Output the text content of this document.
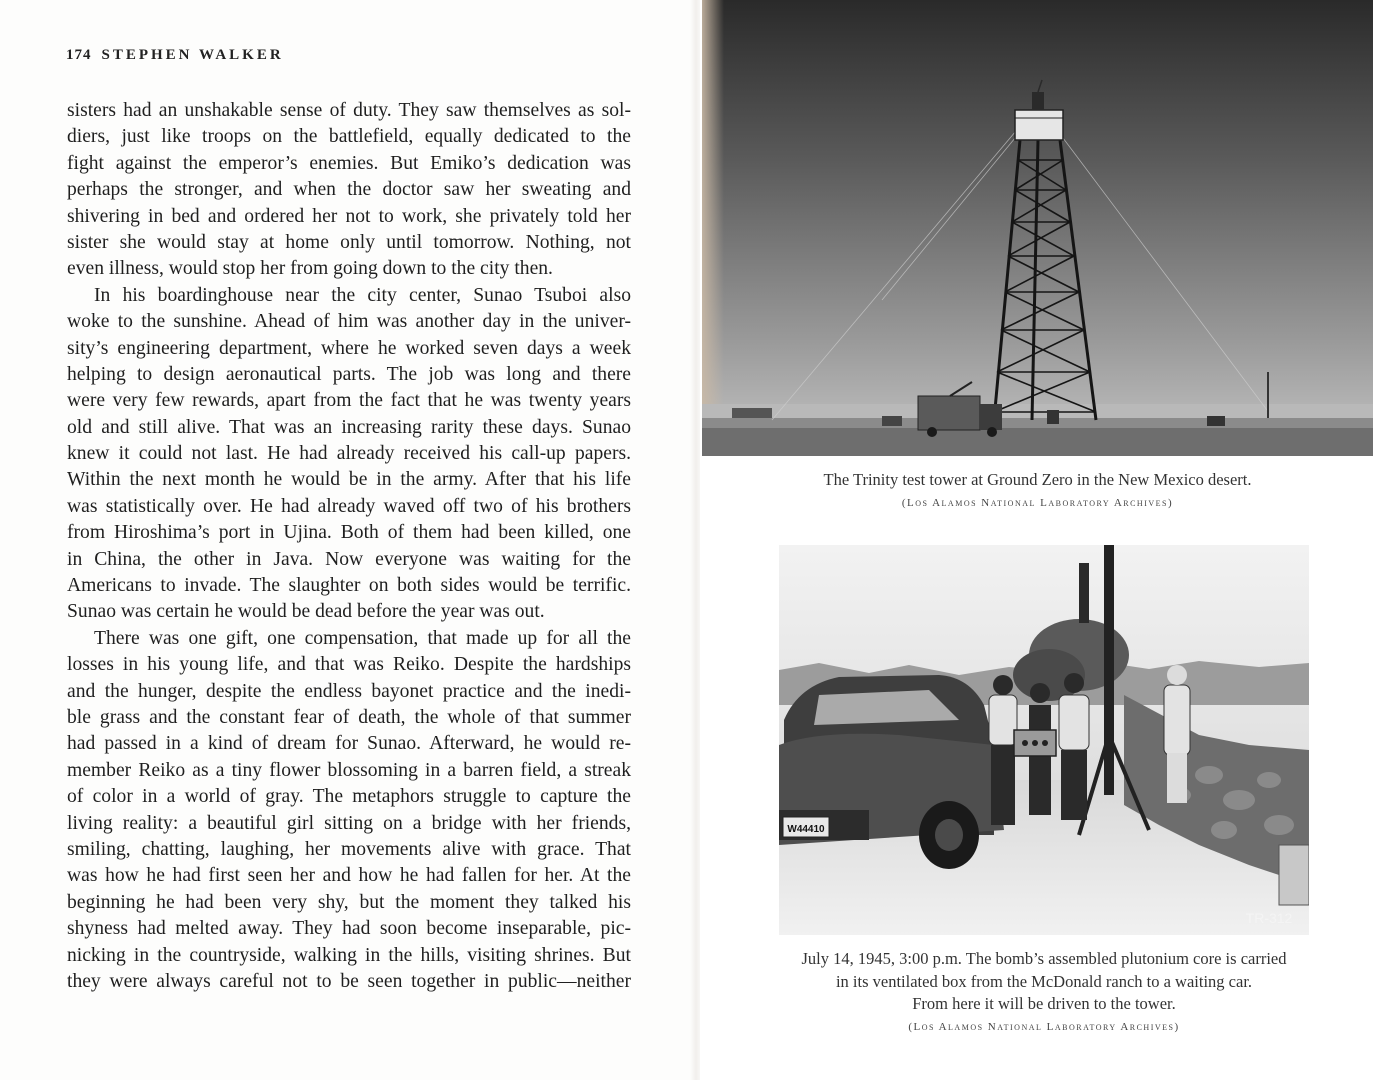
174 STEPHEN WALKER
sisters had an unshakable sense of duty. They saw themselves as sol-
diers, just like troops on the battlefield, equally dedicated to the
fight against the emperor’s enemies. But Emiko’s dedication was
perhaps the stronger, and when the doctor saw her sweating and
shivering in bed and ordered her not to work, she privately told her
sister she would stay at home only until tomorrow. Nothing, not
even illness, would stop her from going down to the city then.
In his boardinghouse near the city center, Sunao Tsuboi also
woke to the sunshine. Ahead of him was another day in the univer-
sity’s engineering department, where he worked seven days a week
helping to design aeronautical parts. The job was long and there
were very few rewards, apart from the fact that he was twenty years
old and still alive. That was an increasing rarity these days. Sunao
knew it could not last. He had already received his call-up papers.
Within the next month he would be in the army. After that his life
was statistically over. He had already waved off two of his brothers
from Hiroshima’s port in Ujina. Both of them had been killed, one
in China, the other in Java. Now everyone was waiting for the
Americans to invade. The slaughter on both sides would be terrific.
Sunao was certain he would be dead before the year was out.
There was one gift, one compensation, that made up for all the
losses in his young life, and that was Reiko. Despite the hardships
and the hunger, despite the endless bayonet practice and the inedi-
ble grass and the constant fear of death, the whole of that summer
had passed in a kind of dream for Sunao. Afterward, he would re-
member Reiko as a tiny flower blossoming in a barren field, a streak
of color in a world of gray. The metaphors struggle to capture the
living reality: a beautiful girl sitting on a bridge with her friends,
smiling, chatting, laughing, her movements alive with grace. That
was how he had first seen her and how he had fallen for her. At the
beginning he had been very shy, but the moment they talked his
shyness had melted away. They had soon become inseparable, pic-
nicking in the countryside, walking in the hills, visiting shrines. But
they were always careful not to be seen together in public—neither
The Trinity test tower at Ground Zero in the New Mexico desert.
(Los Alamos National Laboratory Archives)
W44410
TR-312
July 14, 1945, 3:00 p.m. The bomb’s assembled plutonium core is carried
in its ventilated box from the McDonald ranch to a waiting car.
From here it will be driven to the tower.
(Los Alamos National Laboratory Archives)
